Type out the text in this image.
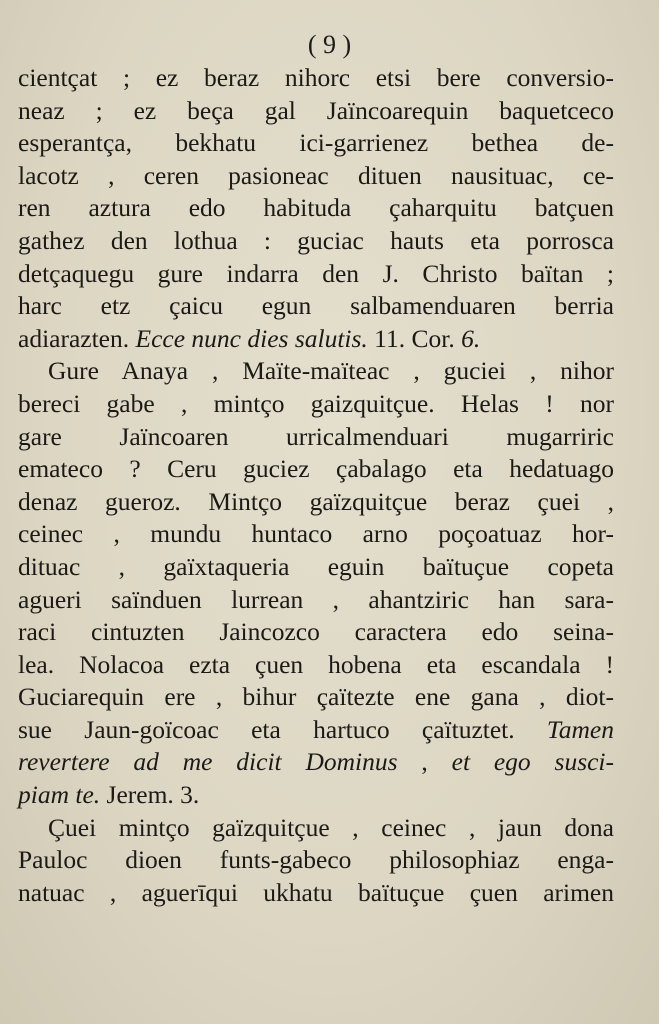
( 9 )
cientçat ; ez beraz nihorc etsi bere conversio-
neaz ; ez beça gal Jaïncoarequin baquetceco
esperantça, bekhatu ici-garrienez bethea de-
lacotz , ceren pasioneac dituen nausituac, ce-
ren aztura edo habituda çaharquitu batçuen
gathez den lothua : guciac hauts eta porrosca
detçaquegu gure indarra den J. Christo baïtan ;
harc etz çaicu egun salbamenduaren berria
adiarazten. Ecce nunc dies salutis. 11. Cor. 6.
Gure Anaya , Maïte-maïteac , guciei , nihor
bereci gabe , mintço gaizquitçue. Helas ! nor
gare Jaïncoaren urricalmenduari mugarriric
emateco ? Ceru guciez çabalago eta hedatuago
denaz gueroz. Mintço gaïzquitçue beraz çuei ,
ceinec , mundu huntaco arno poçoatuaz hor-
dituac , gaïxtaqueria eguin baïtuçue copeta
agueri saïnduen lurrean , ahantziric han sara-
raci cintuzten Jaincozco caractera edo seina-
lea. Nolacoa ezta çuen hobena eta escandala !
Guciarequin ere , bihur çaïtezte ene gana , diot-
sue Jaun-goïcoac eta hartuco çaïtuztet. Tamen
revertere ad me dicit Dominus , et ego susci-
piam te. Jerem. 3.
Çuei mintço gaïzquitçue , ceinec , jaun dona
Pauloc dioen funts-gabeco philosophiaz enga-
natuac , aguerīqui ukhatu baïtuçue çuen arimen
